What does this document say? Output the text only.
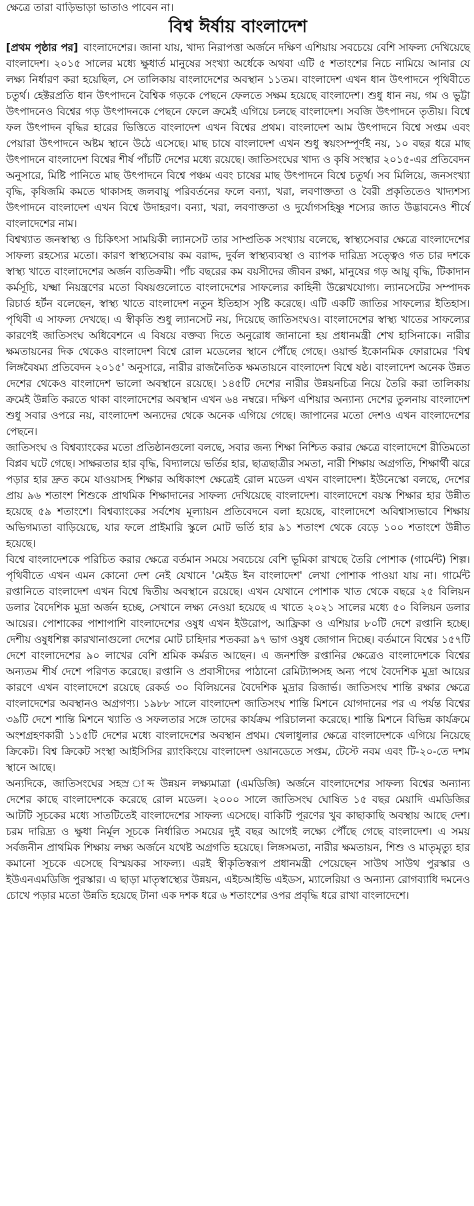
ক্ষেত্রে তারা বাড়িভাড়া ভাতাও পাবেন না।
বিশ্ব ঈর্ষায় বাংলাদেশ

[প্রথম পৃষ্ঠার পর] বাংলাদেশের। জানা যায়, খাদ্য নিরাপত্তা অর্জনে দক্ষিণ এশিয়ায় সবচেয়ে বেশি সাফল্য দেখিয়েছে বাংলাদেশ। ২০১৫ সালের মধ্যে ক্ষুধার্ত মানুষের সংখ্যা অর্ধেকে অথবা এটি ৫ শতাংশের নিচে নামিয়ে আনার যে লক্ষ্য নির্ধারণ করা হয়েছিল, সে তালিকায় বাংলাদেশের অবস্থান ১১তম। বাংলাদেশ এখন ধান উৎপাদনে পৃথিবীতে চতুর্থ। হেক্টরপ্রতি ধান উৎপাদনে বৈশ্বিক গড়কে পেছনে ফেলতে সক্ষম হয়েছে বাংলাদেশ। শুধু ধান নয়, গম ও ভুট্টা উৎপাদনেও বিশ্বের গড় উৎপাদনকে পেছনে ফেলে ক্রমেই এগিয়ে চলছে বাংলাদেশ। সবজি উৎপাদনে তৃতীয়। বিশ্বে ফল উৎপাদন বৃদ্ধির হারের ভিত্তিতে বাংলাদেশ এখন বিশ্বের প্রথম। বাংলাদেশ আম উৎপাদনে বিশ্বে সপ্তম এবং পেয়ারা উৎপাদনে অষ্টম স্থানে উঠে এসেছে। মাছ চাষে বাংলাদেশ এখন শুধু স্বয়ংসম্পূর্ণই নয়, ১০ বছর ধরে মাছ উৎপাদনে বাংলাদেশ বিশ্বের শীর্ষ পাঁচটি দেশের মধ্যে রয়েছে। জাতিসংঘের খাদ্য ও কৃষি সংস্থার ২০১৫-এর প্রতিবেদন অনুসারে, মিষ্টি পানিতে মাছ উৎপাদনে বিশ্বে পঞ্চম এবং চাষের মাছ উৎপাদনে বিশ্বে চতুর্থ। সব মিলিয়ে, জনসংখ্যা বৃদ্ধি, কৃষিজমি কমতে থাকাসহ জলবায়ু পরিবর্তনের ফলে বন্যা, খরা, লবণাক্ততা ও বৈরী প্রকৃতিতেও খাদ্যশস্য উৎপাদনে বাংলাদেশ এখন বিশ্বে উদাহরণ। বন্যা, খরা, লবণাক্ততা ও দুর্যোগসহিষ্ণু শস্যের জাত উদ্ভাবনেও শীর্ষে বাংলাদেশের নাম।

বিশ্বখ্যাত জনস্বাস্থ্য ও চিকিৎসা সাময়িকী ল্যানসেট তার সাম্প্রতিক সংখ্যায় বলেছে, স্বাস্থ্যসেবার ক্ষেত্রে বাংলাদেশের সাফল্য রহস্যের মতো। কারণ স্বাস্থ্যসেবায় কম বরাদ্দ, দুর্বল স্বাস্থ্যব্যবস্থা ও ব্যাপক দারিদ্র্য সত্ত্বেও গত চার দশকে স্বাস্থ্য খাতে বাংলাদেশের অর্জন ব্যতিক্রমী। পাঁচ বছরের কম বয়সীদের জীবন রক্ষা, মানুষের গড় আয়ু বৃদ্ধি, টিকাদান কর্মসূচি, যক্ষ্মা নিয়ন্ত্রণের মতো বিষয়গুলোতে বাংলাদেশের সাফল্যের কাহিনী উল্লেখযোগ্য। ল্যানসেটের সম্পাদক রিচার্ড হর্টন বলেছেন, স্বাস্থ্য খাতে বাংলাদেশ নতুন ইতিহাস সৃষ্টি করেছে। এটি একটি জাতির সাফল্যের ইতিহাস। পৃথিবী এ সাফল্য দেখছে। এ স্বীকৃতি শুধু ল্যানসেট নয়, দিয়েছে জাতিসংঘও। বাংলাদেশের স্বাস্থ্য খাতের সাফল্যের কারণেই জাতিসংঘ অধিবেশনে এ বিষয়ে বক্তব্য দিতে অনুরোধ জানানো হয় প্রধানমন্ত্রী শেখ হাসিনাকে। নারীর ক্ষমতায়নের দিক থেকেও বাংলাদেশ বিশ্বে রোল মডেলের স্থানে পৌঁছে গেছে। ওয়ার্ল্ড ইকোনমিক ফোরামের 'বিশ্ব লিঙ্গবৈষম্য প্রতিবেদন ২০১৫' অনুসারে, নারীর রাজনৈতিক ক্ষমতায়নে বাংলাদেশ বিশ্বে ষষ্ঠ। বাংলাদেশ অনেক উন্নত দেশের থেকেও বাংলাদেশ ভালো অবস্থানে রয়েছে। ১৪৫টি দেশের নারীর উন্নয়নচিত্র নিয়ে তৈরি করা তালিকায় ক্রমেই উন্নতি করতে থাকা বাংলাদেশের অবস্থান এখন ৬৪ নম্বরে। দক্ষিণ এশিয়ার অন্যান্য দেশের তুলনায় বাংলাদেশ শুধু সবার ওপরে নয়, বাংলাদেশ অন্যদের থেকে অনেক এগিয়ে গেছে। জাপানের মতো দেশও এখন বাংলাদেশের পেছনে।

জাতিসংঘ ও বিশ্বব্যাংকের মতো প্রতিষ্ঠানগুলো বলছে, সবার জন্য শিক্ষা নিশ্চিত করার ক্ষেত্রে বাংলাদেশে রীতিমতো বিপ্লব ঘটে গেছে। সাক্ষরতার হার বৃদ্ধি, বিদ্যালয়ে ভর্তির হার, ছাত্রছাত্রীর সমতা, নারী শিক্ষায় অগ্রগতি, শিক্ষার্থী ঝরে পড়ার হার দ্রুত কমে যাওয়াসহ শিক্ষার অধিকাংশ ক্ষেত্রেই রোল মডেল এখন বাংলাদেশ। ইউনেস্কো বলছে, দেশের প্রায় ৯৬ শতাংশ শিশুকে প্রাথমিক শিক্ষাদানের সাফল্য দেখিয়েছে বাংলাদেশ। বাংলাদেশে বয়স্ক শিক্ষার হার উন্নীত হয়েছে ৫৯ শতাংশে। বিশ্বব্যাংকের সর্বশেষ মূল্যায়ন প্রতিবেদনে বলা হয়েছে, বাংলাদেশে অবিশ্বাস্যভাবে শিক্ষায় অভিগম্যতা বাড়িয়েছে, যার ফলে প্রাইমারি স্কুলে মোট ভর্তি হার ৯১ শতাংশ থেকে বেড়ে ১০০ শতাংশে উন্নীত হয়েছে।

বিশ্বে বাংলাদেশকে পরিচিত করার ক্ষেত্রে বর্তমান সময়ে সবচেয়ে বেশি ভূমিকা রাখছে তৈরি পোশাক (গার্মেন্ট) শিল্প। পৃথিবীতে এখন এমন কোনো দেশ নেই যেখানে 'মেইড ইন বাংলাদেশ' লেখা পোশাক পাওয়া যায় না। গার্মেন্ট রপ্তানিতে বাংলাদেশ এখন বিশ্বে দ্বিতীয় অবস্থানে রয়েছে। এখন যেখানে পোশাক খাত থেকে বছরে ২৫ বিলিয়ন ডলার বৈদেশিক মুদ্রা অর্জন হচ্ছে, সেখানে লক্ষ্য নেওয়া হয়েছে এ খাতে ২০২১ সালের মধ্যে ৫০ বিলিয়ন ডলার আয়ের। পোশাকের পাশাপাশি বাংলাদেশের ওষুধ এখন ইউরোপ, আফ্রিকা ও এশিয়ার ৮০টি দেশে রপ্তানি হচ্ছে। দেশীয় ওষুধশিল্প কারখানাগুলো দেশের মোট চাহিদার শতকরা ৯৭ ভাগ ওষুধ জোগান দিচ্ছে। বর্তমানে বিশ্বের ১৫৭টি দেশে বাংলাদেশের ৯০ লাখের বেশি শ্রমিক কর্মরত আছেন। এ জনশক্তি রপ্তানির ক্ষেত্রেও বাংলাদেশকে বিশ্বের অন্যতম শীর্ষ দেশে পরিণত করেছে। রপ্তানি ও প্রবাসীদের পাঠানো রেমিট্যান্সসহ অন্য পথে বৈদেশিক মুদ্রা আয়ের কারণে এখন বাংলাদেশে রয়েছে রেকর্ড ৩০ বিলিয়নের বৈদেশিক মুদ্রার রিজার্ভ। জাতিসংঘ শান্তি রক্ষার ক্ষেত্রে বাংলাদেশের অবস্থানও অগ্রগণ্য। ১৯৮৮ সালে বাংলাদেশ জাতিসংঘ শান্তি মিশনে যোগদানের পর এ পর্যন্ত বিশ্বের ৩৯টি দেশে শান্তি মিশনে খ্যাতি ও সফলতার সঙ্গে তাদের কার্যক্রম পরিচালনা করেছে। শান্তি মিশনে বিভিন্ন কার্যক্রমে অংশগ্রহণকারী ১১৫টি দেশের মধ্যে বাংলাদেশের অবস্থান প্রথম। খেলাধুলার ক্ষেত্রে বাংলাদেশকে এগিয়ে নিয়েছে ক্রিকেট। বিশ্ব ক্রিকেট সংস্থা আইসিসির র‍্যাংকিংয়ে বাংলাদেশ ওয়ানডেতে সপ্তম, টেস্টে নবম এবং টি-২০-তে দশম স্থানে আছে।

অন্যদিকে, জাতিসংঘের সহস্র াব্দ উন্নয়ন লক্ষ্যমাত্রা (এমডিজি) অর্জনে বাংলাদেশের সাফল্য বিশ্বের অন্যান্য দেশের কাছে বাংলাদেশকে করেছে রোল মডেল। ২০০০ সালে জাতিসংঘ ঘোষিত ১৫ বছর মেয়াদি এমডিজির আটটি সূচকের মধ্যে সাতটিতেই বাংলাদেশের সাফল্য এসেছে। বাকিটি পূরণের খুব কাছাকাছি অবস্থায় আছে দেশ। চরম দারিদ্র্য ও ক্ষুধা নির্মূল সূচকে নির্ধারিত সময়ের দুই বছর আগেই লক্ষ্যে পৌঁছে গেছে বাংলাদেশ। এ সময় সর্বজনীন প্রাথমিক শিক্ষায় লক্ষ্য অর্জনে যথেষ্ট অগ্রগতি হয়েছে। লিঙ্গসমতা, নারীর ক্ষমতায়ন, শিশু ও মাতৃমৃত্যু হার কমানো সূচকে এসেছে বিস্ময়কর সাফল্য। এরই স্বীকৃতিস্বরূপ প্রধানমন্ত্রী পেয়েছেন সাউথ সাউথ পুরস্কার ও ইউএনএমডিজি পুরস্কার। এ ছাড়া মাতৃস্বাস্থ্যের উন্নয়ন, এইচআইভি এইডস, ম্যালেরিয়া ও অন্যান্য রোগব্যাধি দমনেও চোখে পড়ার মতো উন্নতি হয়েছে টানা এক দশক ধরে ৬ শতাংশের ওপর প্রবৃদ্ধি ধরে রাখা বাংলাদেশে।
